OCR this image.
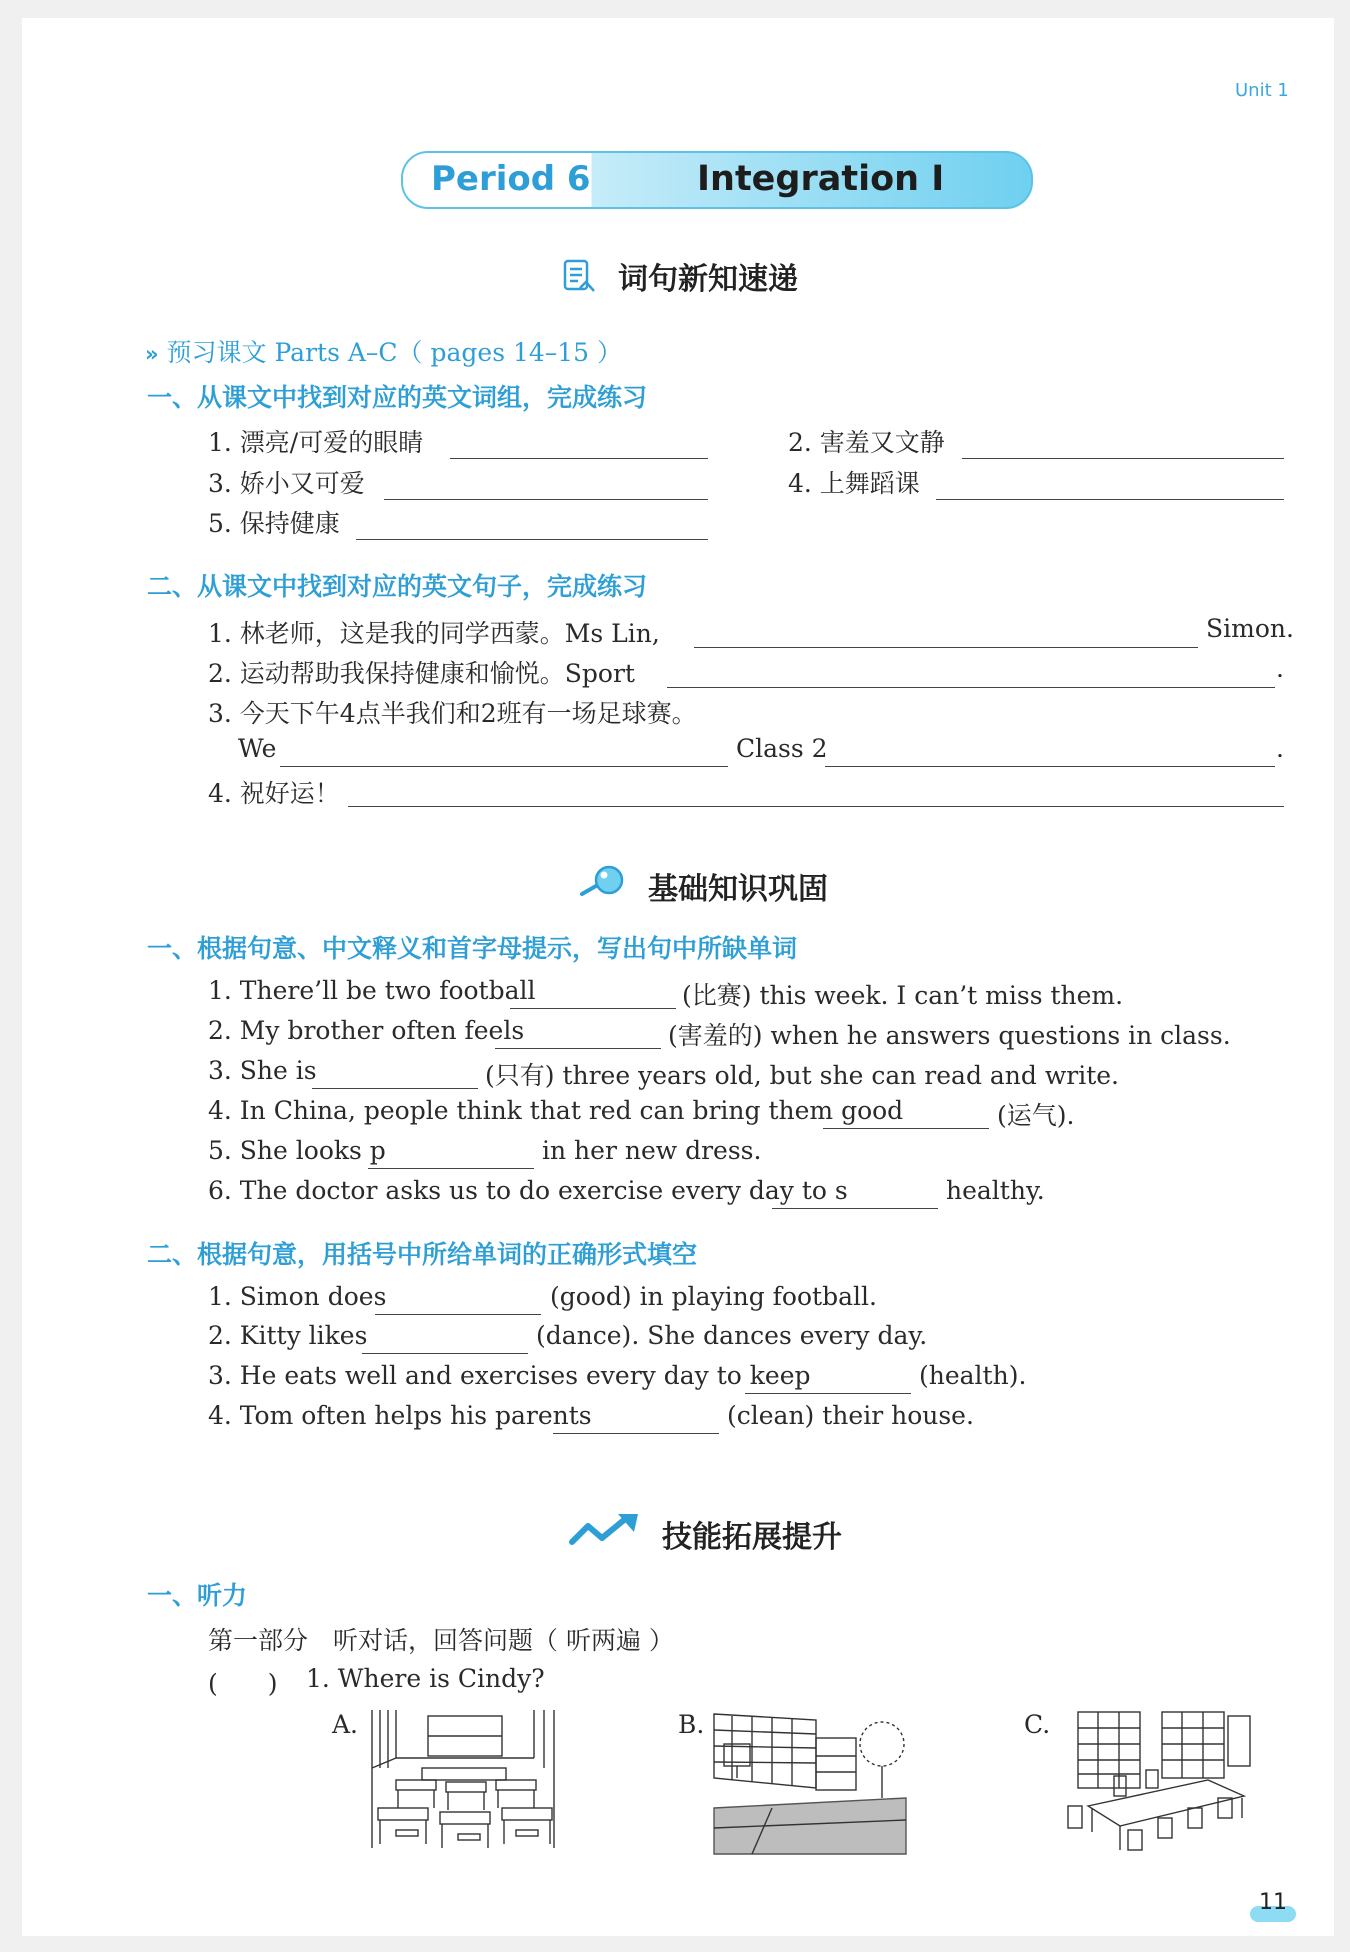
Unit 1
Period 6	Integration I
词句新知速递
» 预习课文 Parts A–C（ pages 14–15 ）
一、从课文中找到对应的英文词组，完成练习
1. 漂亮/可爱的眼睛	2. 害羞又文静
3. 娇小又可爱	4. 上舞蹈课
5. 保持健康
二、从课文中找到对应的英文句子，完成练习
1. 林老师，这是我的同学西蒙。Ms Lin,	Simon.
2. 运动帮助我保持健康和愉悦。Sport	.
3. 今天下午4点半我们和2班有一场足球赛。
We	Class 2	.
4. 祝好运！
基础知识巩固
一、根据句意、中文释义和首字母提示，写出句中所缺单词
1. There’ll be two football	(比赛) this week. I can’t miss them.
2. My brother often feels	(害羞的) when he answers questions in class.
3. She is	(只有) three years old, but she can read and write.
4. In China, people think that red can bring them good	(运气).
5. She looks p	in her new dress.
6. The doctor asks us to do exercise every day to s	healthy.
二、根据句意，用括号中所给单词的正确形式填空
1. Simon does	(good) in playing football.
2. Kitty likes	(dance). She dances every day.
3. He eats well and exercises every day to keep	(health).
4. Tom often helps his parents	(clean) their house.
技能拓展提升
一、听力
第一部分　听对话，回答问题（ 听两遍 ）
(　　) 1. Where is Cindy?
A.	B.	C.
11
